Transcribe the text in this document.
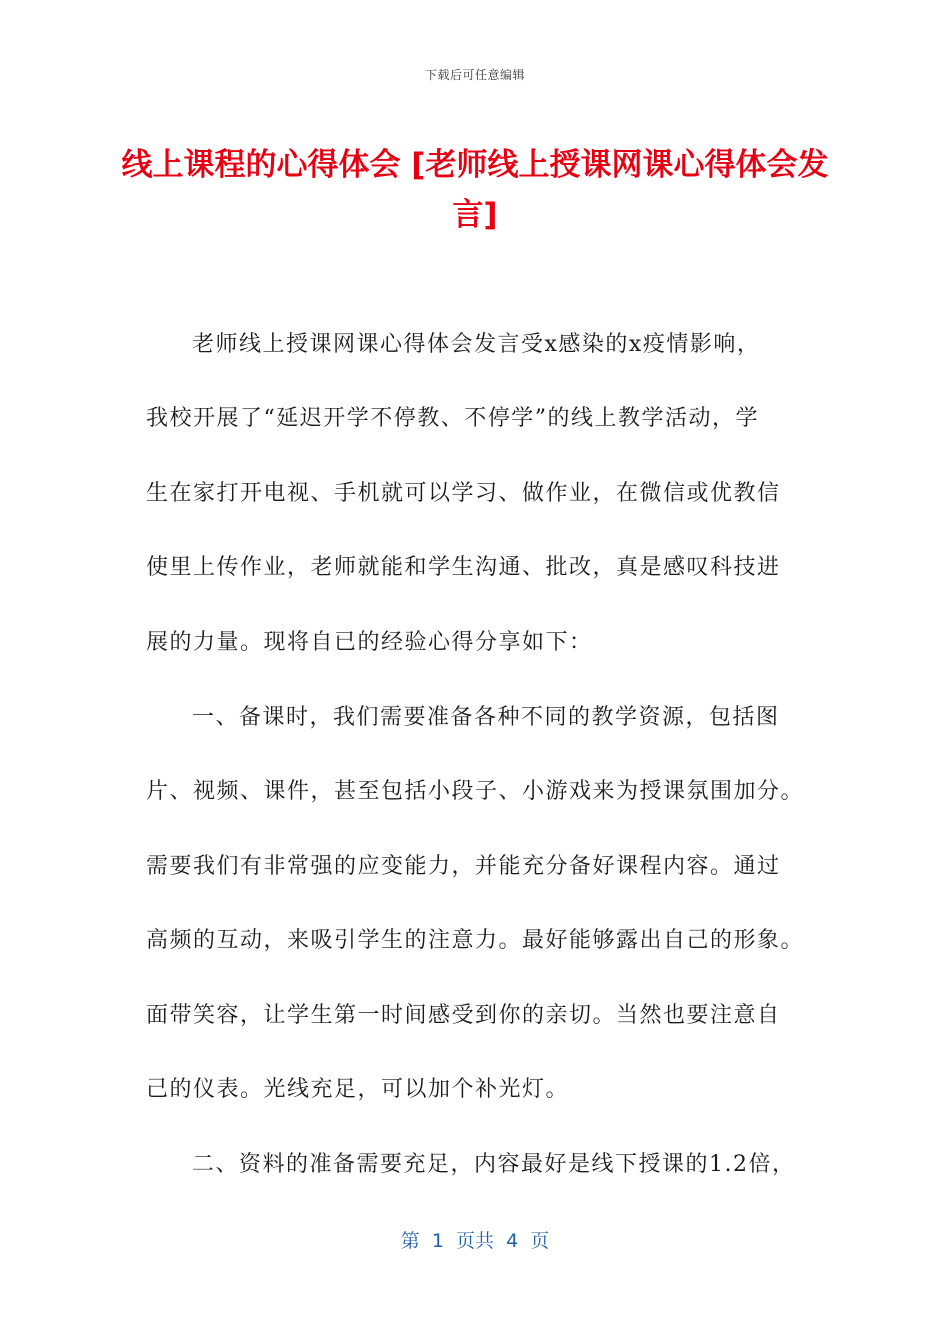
下载后可任意编辑
线上课程的心得体会 [老师线上授课网课心得体会发言]
老师线上授课网课心得体会发言受x感染的x疫情影响，
我校开展了“延迟开学不停教、不停学”的线上教学活动，学
生在家打开电视、手机就可以学习、做作业，在微信或优教信
使里上传作业，老师就能和学生沟通、批改，真是感叹科技进
展的力量。现将自已的经验心得分享如下：
一、备课时，我们需要准备各种不同的教学资源，包括图
片、视频、课件，甚至包括小段子、小游戏来为授课氛围加分。
需要我们有非常强的应变能力，并能充分备好课程内容。通过
高频的互动，来吸引学生的注意力。最好能够露出自己的形象。
面带笑容，让学生第一时间感受到你的亲切。当然也要注意自
己的仪表。光线充足，可以加个补光灯。
二、资料的准备需要充足，内容最好是线下授课的1.2倍，
第  1  页共  4  页
